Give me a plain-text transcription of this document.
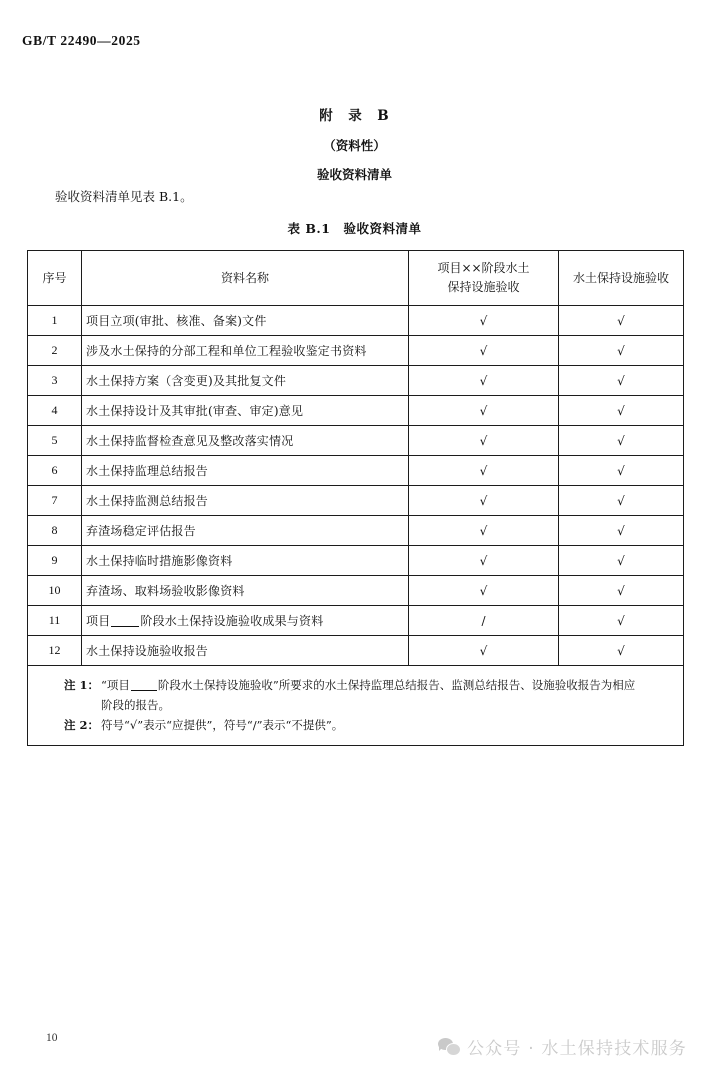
GB/T 22490—2025
附　录　B
（资料性）
验收资料清单
验收资料清单见表 B.1。
表 B.1　验收资料清单
序号	资料名称	项目××阶段水土
保持设施验收	水土保持设施验收
1	项目立项(审批、核准、备案)文件	√	√
2	涉及水土保持的分部工程和单位工程验收鉴定书资料	√	√
3	水土保持方案（含变更)及其批复文件	√	√
4	水土保持设计及其审批(审查、审定)意见	√	√
5	水土保持监督检查意见及整改落实情况	√	√
6	水土保持监理总结报告	√	√
7	水土保持监测总结报告	√	√
8	弃渣场稳定评估报告	√	√
9	水土保持临时措施影像资料	√	√
10	弃渣场、取料场验收影像资料	√	√
11	项目 阶段水土保持设施验收成果与资料	/	√
12	水土保持设施验收报告	√	√

注 1： “项目 阶段水土保持设施验收”所要求的水土保持监理总结报告、监测总结报告、设施验收报告为相应
阶段的报告。
注 2： 符号“√”表示“应提供”，符号“/”表示“不提供”。			
10
公众号 · 水土保持技术服务
